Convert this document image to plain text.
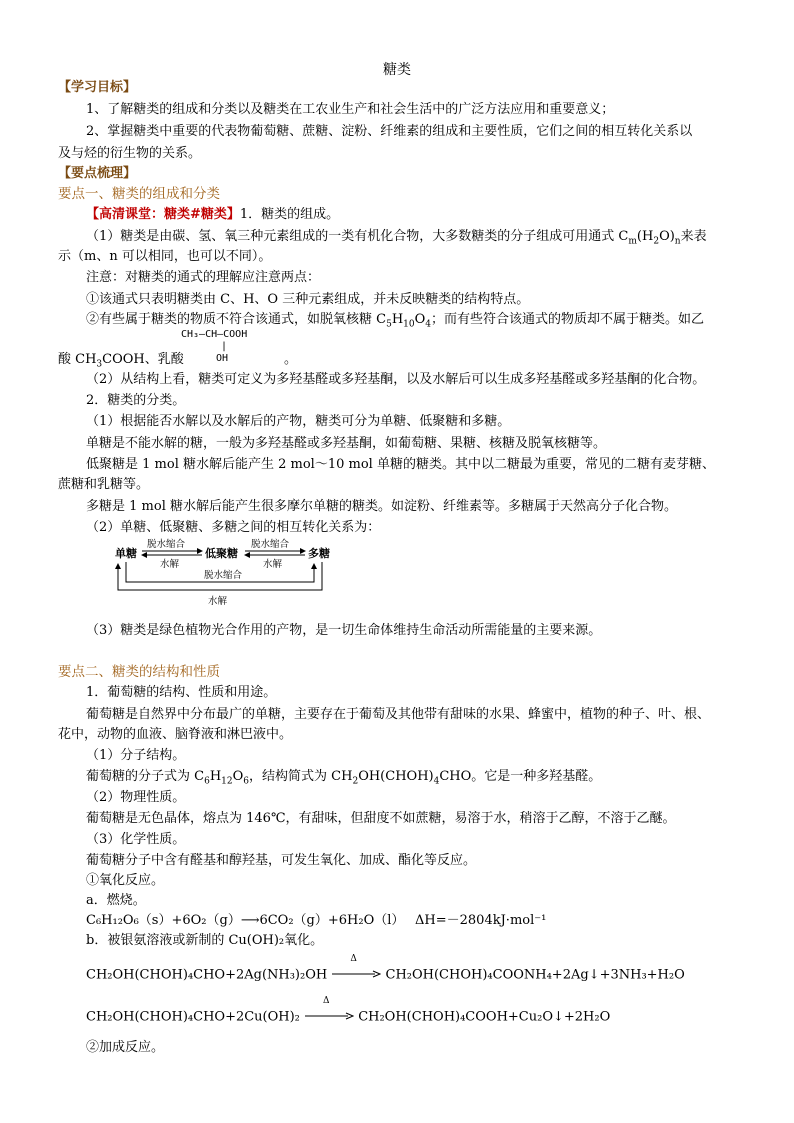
糖类
【学习目标】
1、了解糖类的组成和分类以及糖类在工农业生产和社会生活中的广泛方法应用和重要意义；
2、掌握糖类中重要的代表物葡萄糖、蔗糖、淀粉、纤维素的组成和主要性质，它们之间的相互转化关系以
及与烃的衍生物的关系。
【要点梳理】
要点一、糖类的组成和分类
【高清课堂：糖类#糖类】1．糖类的组成。
（1）糖类是由碳、氢、氧三种元素组成的一类有机化合物，大多数糖类的分子组成可用通式 $C_m(H_2O)_n$来表
示（m、n 可以相同，也可以不同）。
注意：对糖类的通式的理解应注意两点：
①该通式只表明糖类由 C、H、O 三种元素组成，并未反映糖类的结构特点。
②有些属于糖类的物质不符合该通式，如脱氧核糖 $C_5H_{10}O_4$；而有些符合该通式的物质却不属于糖类。如乙
CH₃—CH—COOH
|
OH
酸 $CH_3COOH$、乳酸	。
（2）从结构上看，糖类可定义为多羟基醛或多羟基酮，以及水解后可以生成多羟基醛或多羟基酮的化合物。
2．糖类的分类。
（1）根据能否水解以及水解后的产物，糖类可分为单糖、低聚糖和多糖。
单糖是不能水解的糖，一般为多羟基醛或多羟基酮，如葡萄糖、果糖、核糖及脱氧核糖等。
低聚糖是 1 mol 糖水解后能产生 2 mol～10 mol 单糖的糖类。其中以二糖最为重要，常见的二糖有麦芽糖、
蔗糖和乳糖等。
多糖是 1 mol 糖水解后能产生很多摩尔单糖的糖类。如淀粉、纤维素等。多糖属于天然高分子化合物。
（2）单糖、低聚糖、多糖之间的相互转化关系为：
单糖	低聚糖	多糖
脱水缩合
水解
脱水缩合
水解
脱水缩合
水解
（3）糖类是绿色植物光合作用的产物，是一切生命体维持生命活动所需能量的主要来源。
要点二、糖类的结构和性质
1．葡萄糖的结构、性质和用途。
葡萄糖是自然界中分布最广的单糖，主要存在于葡萄及其他带有甜味的水果、蜂蜜中，植物的种子、叶、根、
花中，动物的血液、脑脊液和淋巴液中。
（1）分子结构。
葡萄糖的分子式为 $C_6H_{12}O_6$，结构简式为 $CH_2OH(CHOH)_4CHO$。它是一种多羟基醛。
（2）物理性质。
葡萄糖是无色晶体，熔点为 146℃，有甜味，但甜度不如蔗糖，易溶于水，稍溶于乙醇，不溶于乙醚。
（3）化学性质。
葡萄糖分子中含有醛基和醇羟基，可发生氧化、加成、酯化等反应。
①氧化反应。
a．燃烧。
C₆H₁₂O₆（s）+6O₂（g）⟶6CO₂（g）+6H₂O（l）　 ΔH=－2804kJ·mol⁻¹
b．被银氨溶液或新制的 Cu(OH)₂氧化。
CH₂OH(CHOH)₄CHO+2Ag(NH₃)₂OH
Δ
CH₂OH(CHOH)₄COONH₄+2Ag↓+3NH₃+H₂O
CH₂OH(CHOH)₄CHO+2Cu(OH)₂
Δ
CH₂OH(CHOH)₄COOH+Cu₂O↓+2H₂O
②加成反应。
